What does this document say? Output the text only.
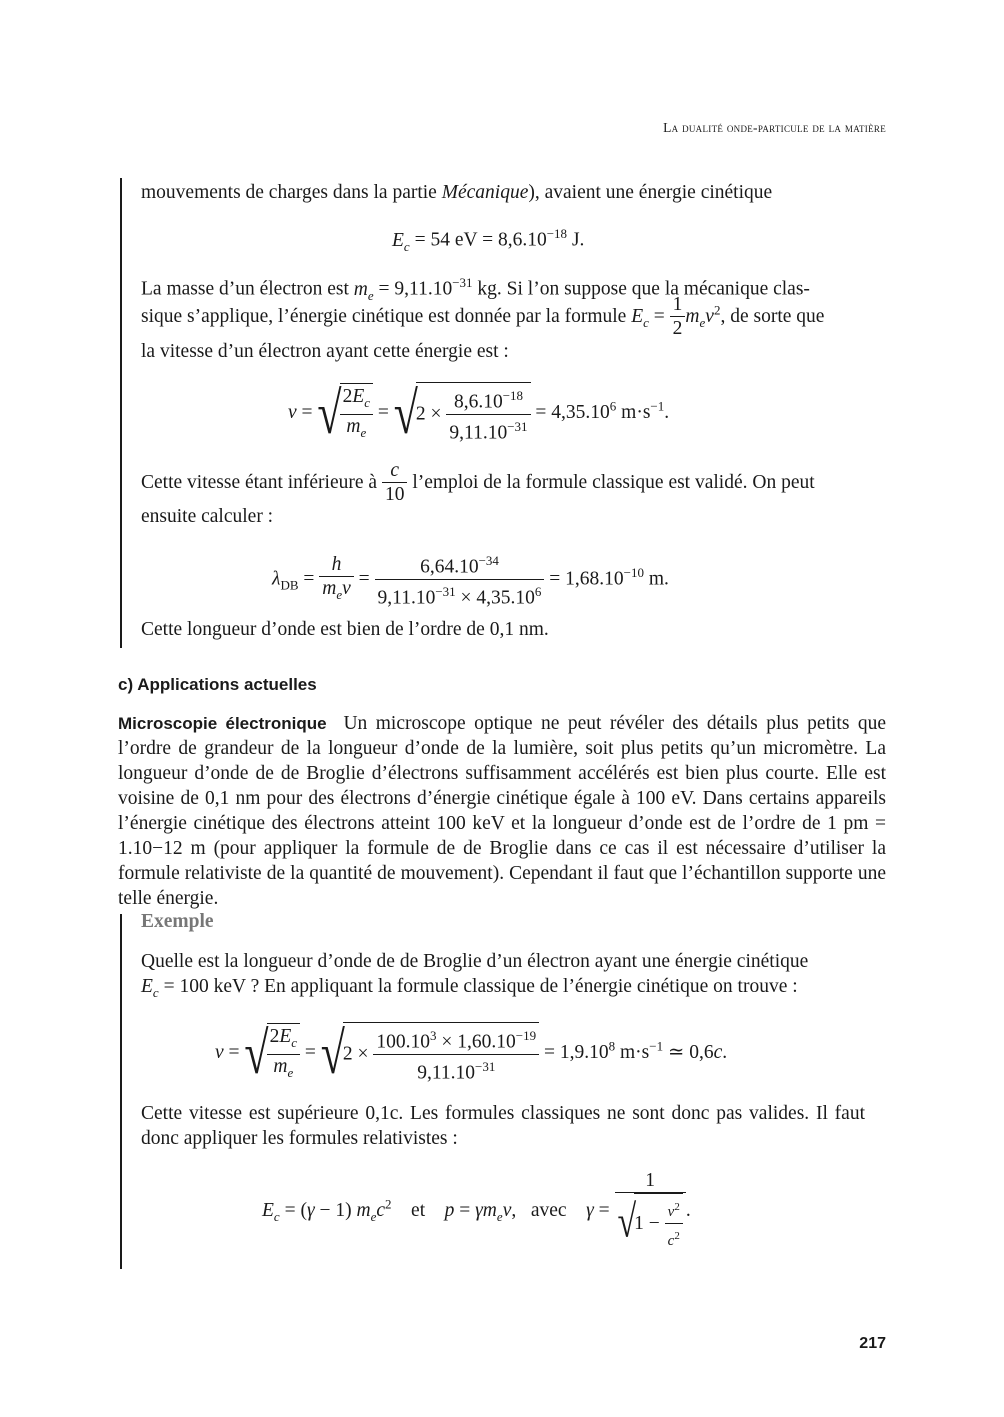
La dualité onde-particule de la matière
mouvements de charges dans la partie Mécanique), avaient une énergie cinétique
$E_c = 54$ eV = $8,6.10^{-18}$ J.
La masse d’un électron est $m_e = 9,11.10^{-31}$ kg. Si l’on suppose que la mécanique clas-
sique s’applique, l’énergie cinétique est donnée par la formule $E_c = \frac{1}{2} m_ev^2$, de sorte que
la vitesse d’un électron ayant cette énergie est :
v = √
$\frac{2E_c}{m_e} = √2 \times \frac{8,6.10^{-18}}{9,11.10^{-31}} = 4,35.10^6$ $m\cdot s^{-1}$.
Cette vitesse étant inférieure à $\frac{c}{10}$ l’emploi de la formule classique est validé. On peut
ensuite calculer :
$\lambda_{DB} = \frac{h}{m_ev} = \frac{6,64.10^{-34}}{9,11.10^{-31} \times 4,35.10^6} = 1,68.10^{-10}$ m.
Cette longueur d’onde est bien de l’ordre de 0,1 nm.
c) Applications actuelles
Microscopie électronique Un microscope optique ne peut révéler des détails plus petits que l’ordre de grandeur de la longueur d’onde de la lumière, soit plus petits qu’un micromètre. La longueur d’onde de de Broglie d’électrons suffisamment accélérés est bien plus courte. Elle est voisine de 0,1 nm pour des électrons d’énergie cinétique égale à 100 eV. Dans certains appareils l’énergie cinétique des électrons atteint 100 keV et la longueur d’onde est de l’ordre de 1 pm = 1.10−12 m (pour appliquer la formule de de Broglie dans ce cas il est nécessaire d’utiliser la formule relativiste de la quantité de mouvement). Cependant il faut que l’échantillon supporte une telle énergie.
Exemple
Quelle est la longueur d’onde de de Broglie d’un électron ayant une énergie cinétique
$E_c = 100$ keV ? En appliquant la formule classique de l’énergie cinétique on trouve :
v = √
$\frac{2E_c}{m_e} = √2 \times \frac{100.10^3 \times 1,60.10^{-19}}{9,11.10^{-31}} = 1,9.10^8$ $m\cdot s^{-1}$ ≃ 0,6c.
Cette vitesse est supérieure 0,1c. Les formules classiques ne sont donc pas valides. Il faut donc appliquer les formules relativistes :
$E_c = (\gamma - 1)$ $m_ec^2$    et    $p = \gamma m_ev$,   avec    $\gamma = \frac{1}{√1 - \frac{v^2}{c^2}}$ .
217
